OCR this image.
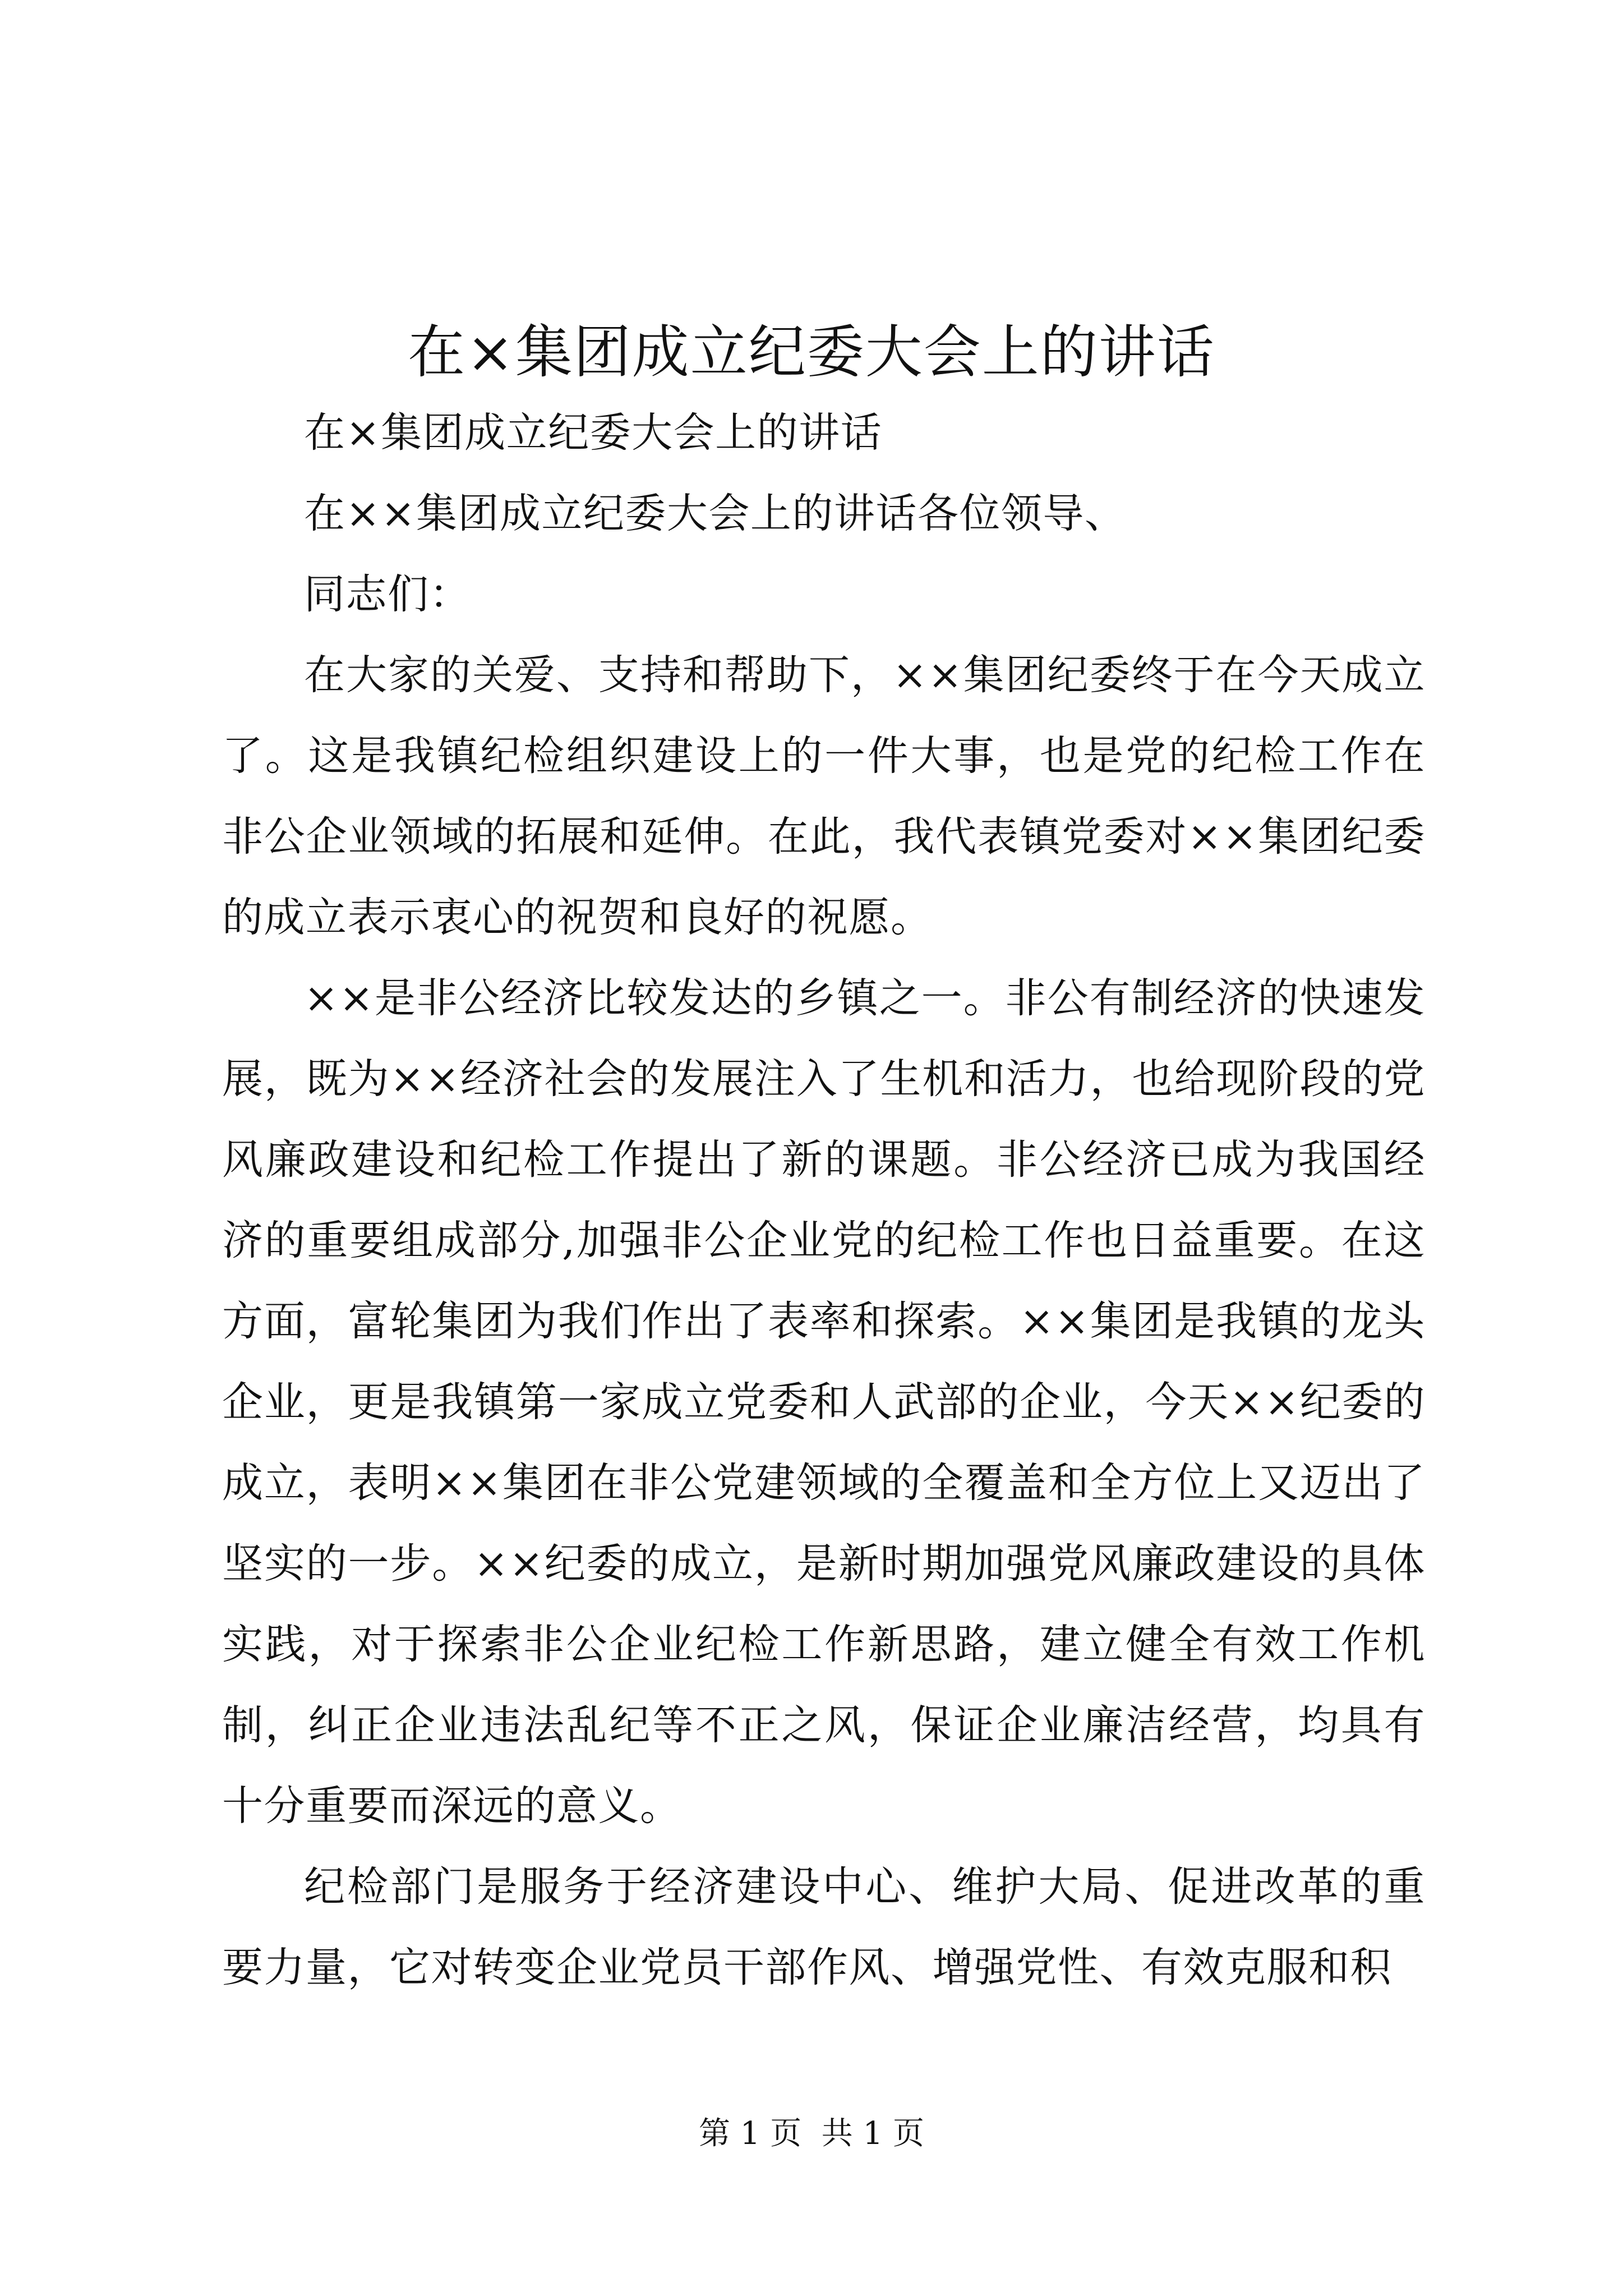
在×集团成立纪委大会上的讲话

在×集团成立纪委大会上的讲话

在××集团成立纪委大会上的讲话各位领导、

同志们：

在大家的关爱、支持和帮助下，××集团纪委终于在今天成立了。这是我镇纪检组织建设上的一件大事，也是党的纪检工作在非公企业领域的拓展和延伸。在此，我代表镇党委对××集团纪委的成立表示衷心的祝贺和良好的祝愿。

××是非公经济比较发达的乡镇之一。非公有制经济的快速发展，既为××经济社会的发展注入了生机和活力，也给现阶段的党风廉政建设和纪检工作提出了新的课题。非公经济已成为我国经济的重要组成部分,加强非公企业党的纪检工作也日益重要。在这方面，富轮集团为我们作出了表率和探索。××集团是我镇的龙头企业，更是我镇第一家成立党委和人武部的企业，今天××纪委的成立，表明××集团在非公党建领域的全覆盖和全方位上又迈出了坚实的一步。××纪委的成立，是新时期加强党风廉政建设的具体实践，对于探索非公企业纪检工作新思路，建立健全有效工作机制，纠正企业违法乱纪等不正之风，保证企业廉洁经营，均具有十分重要而深远的意义。

纪检部门是服务于经济建设中心、维护大局、促进改革的重要力量，它对转变企业党员干部作风、增强党性、有效克服和积

第 1 页  共 1 页
